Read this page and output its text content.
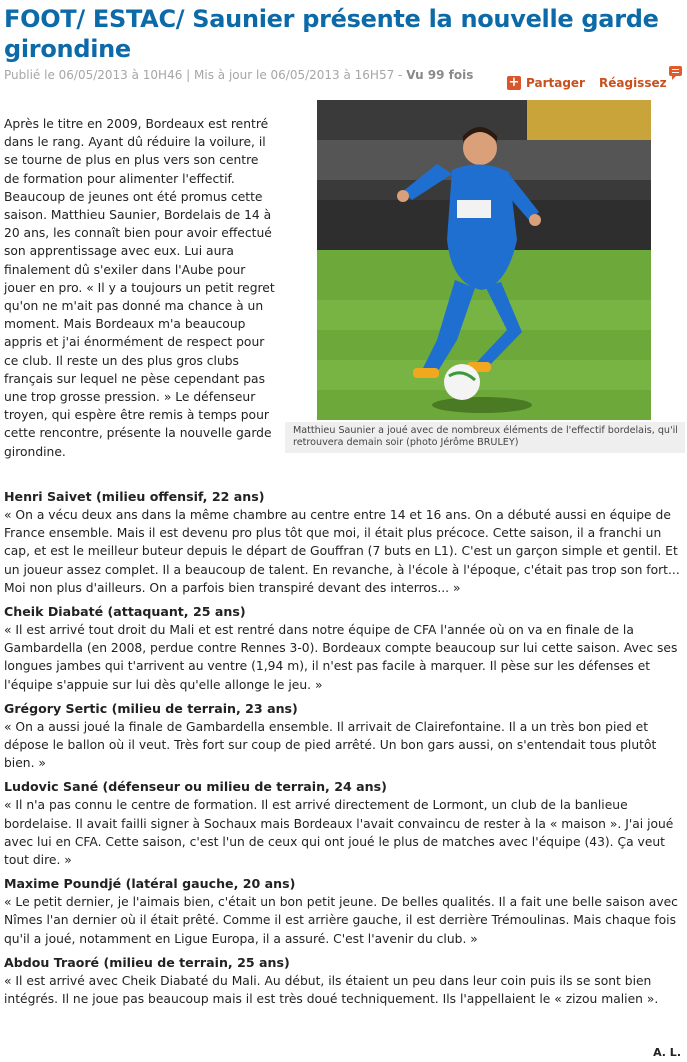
FOOT/ ESTAC/ Saunier présente la nouvelle garde girondine
Publié le 06/05/2013 à 10H46 | Mis à jour le 06/05/2013 à 16H57 - Vu 99 fois	+ Partager Réagissez

Après le titre en 2009, Bordeaux est rentré dans le rang. Ayant dû réduire la voilure, il se tourne de plus en plus vers son centre de formation pour alimenter l'effectif. Beaucoup de jeunes ont été promus cette saison. Matthieu Saunier, Bordelais de 14 à 20 ans, les connaît bien pour avoir effectué son apprentissage avec eux. Lui aura finalement dû s'exiler dans l'Aube pour jouer en pro. « Il y a toujours un petit regret qu'on ne m'ait pas donné ma chance à un moment. Mais Bordeaux m'a beaucoup appris et j'ai énormément de respect pour ce club. Il reste un des plus gros clubs français sur lequel ne pèse cependant pas une trop grosse pression. » Le défenseur troyen, qui espère être remis à temps pour cette rencontre, présente la nouvelle garde girondine.

Matthieu Saunier a joué avec de nombreux éléments de l'effectif bordelais, qu'il retrouvera demain soir (photo Jérôme BRULEY)
Henri Saivet (milieu offensif, 22 ans)

« On a vécu deux ans dans la même chambre au centre entre 14 et 16 ans. On a débuté aussi en équipe de France ensemble. Mais il est devenu pro plus tôt que moi, il était plus précoce. Cette saison, il a franchi un cap, et est le meilleur buteur depuis le départ de Gouffran (7 buts en L1). C'est un garçon simple et gentil. Et un joueur assez complet. Il a beaucoup de talent. En revanche, à l'école à l'époque, c'était pas trop son fort... Moi non plus d'ailleurs. On a parfois bien transpiré devant des interros... »

Cheik Diabaté (attaquant, 25 ans)

« Il est arrivé tout droit du Mali et est rentré dans notre équipe de CFA l'année où on va en finale de la Gambardella (en 2008, perdue contre Rennes 3-0). Bordeaux compte beaucoup sur lui cette saison. Avec ses longues jambes qui t'arrivent au ventre (1,94 m), il n'est pas facile à marquer. Il pèse sur les défenses et l'équipe s'appuie sur lui dès qu'elle allonge le jeu. »

Grégory Sertic (milieu de terrain, 23 ans)

« On a aussi joué la finale de Gambardella ensemble. Il arrivait de Clairefontaine. Il a un très bon pied et dépose le ballon où il veut. Très fort sur coup de pied arrêté. Un bon gars aussi, on s'entendait tous plutôt bien. »

Ludovic Sané (défenseur ou milieu de terrain, 24 ans)

« Il n'a pas connu le centre de formation. Il est arrivé directement de Lormont, un club de la banlieue bordelaise. Il avait failli signer à Sochaux mais Bordeaux l'avait convaincu de rester à la « maison ». J'ai joué avec lui en CFA. Cette saison, c'est l'un de ceux qui ont joué le plus de matches avec l'équipe (43). Ça veut tout dire. »

Maxime Poundjé (latéral gauche, 20 ans)

« Le petit dernier, je l'aimais bien, c'était un bon petit jeune. De belles qualités. Il a fait une belle saison avec Nîmes l'an dernier où il était prêté. Comme il est arrière gauche, il est derrière Trémoulinas. Mais chaque fois qu'il a joué, notamment en Ligue Europa, il a assuré. C'est l'avenir du club. »

Abdou Traoré (milieu de terrain, 25 ans)

« Il est arrivé avec Cheik Diabaté du Mali. Au début, ils étaient un peu dans leur coin puis ils se sont bien intégrés. Il ne joue pas beaucoup mais il est très doué techniquement. Ils l'appellaient le « zizou malien ».

A. L.
